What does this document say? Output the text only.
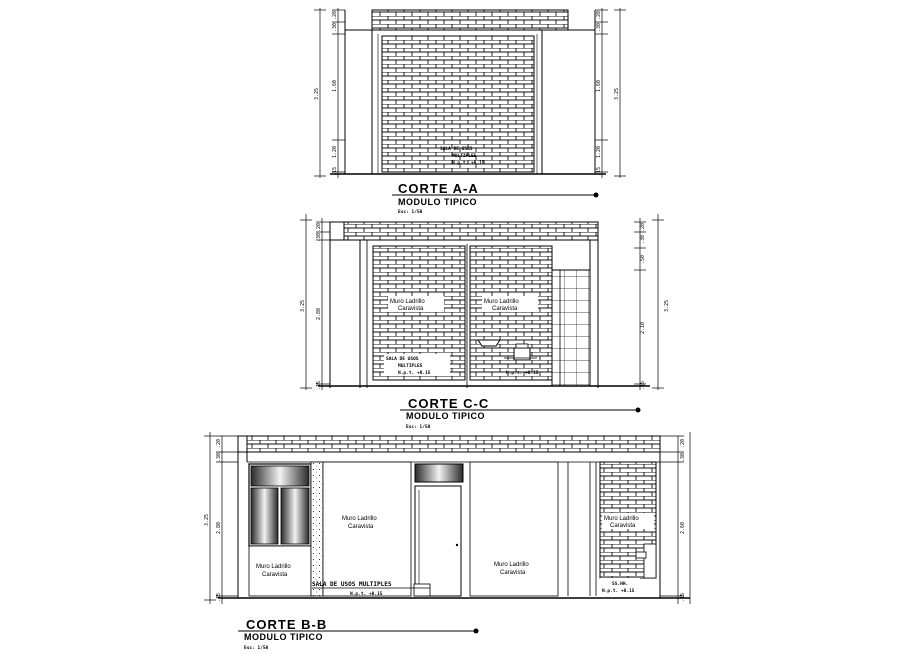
SALA DE USOS
MULTIPLES
N.p.t. +0.15
3.25
.20
.30
1.60
1.20
.15
3.25
.20
.30
1.60
1.20
.15
CORTE A-A
MODULO TIPICO
Esc: 1/50
Muro Ladrillo
Caravista
Muro Ladrillo
Caravista
SALA DE USOS
MULTIPLES
N.p.t. +0.15	N.p.t. +0.15
3.25
2.80
.20
.30
.15
.20
.30
.50
2.10
.15
3.25
CORTE C-C
MODULO TIPICO
Esc: 1/50
Muro Ladrillo
Caravista
Muro Ladrillo
Caravista
Muro Ladrillo
Caravista
Muro Ladrillo
Caravista
SALA DE USOS MULTIPLES
N.p.t. +0.15
SS.HH.
N.p.t. +0.15
3.25
.20
.30
2.80
.15
.20
.30
2.60
.15
CORTE B-B
MODULO TIPICO
Esc: 1/50
